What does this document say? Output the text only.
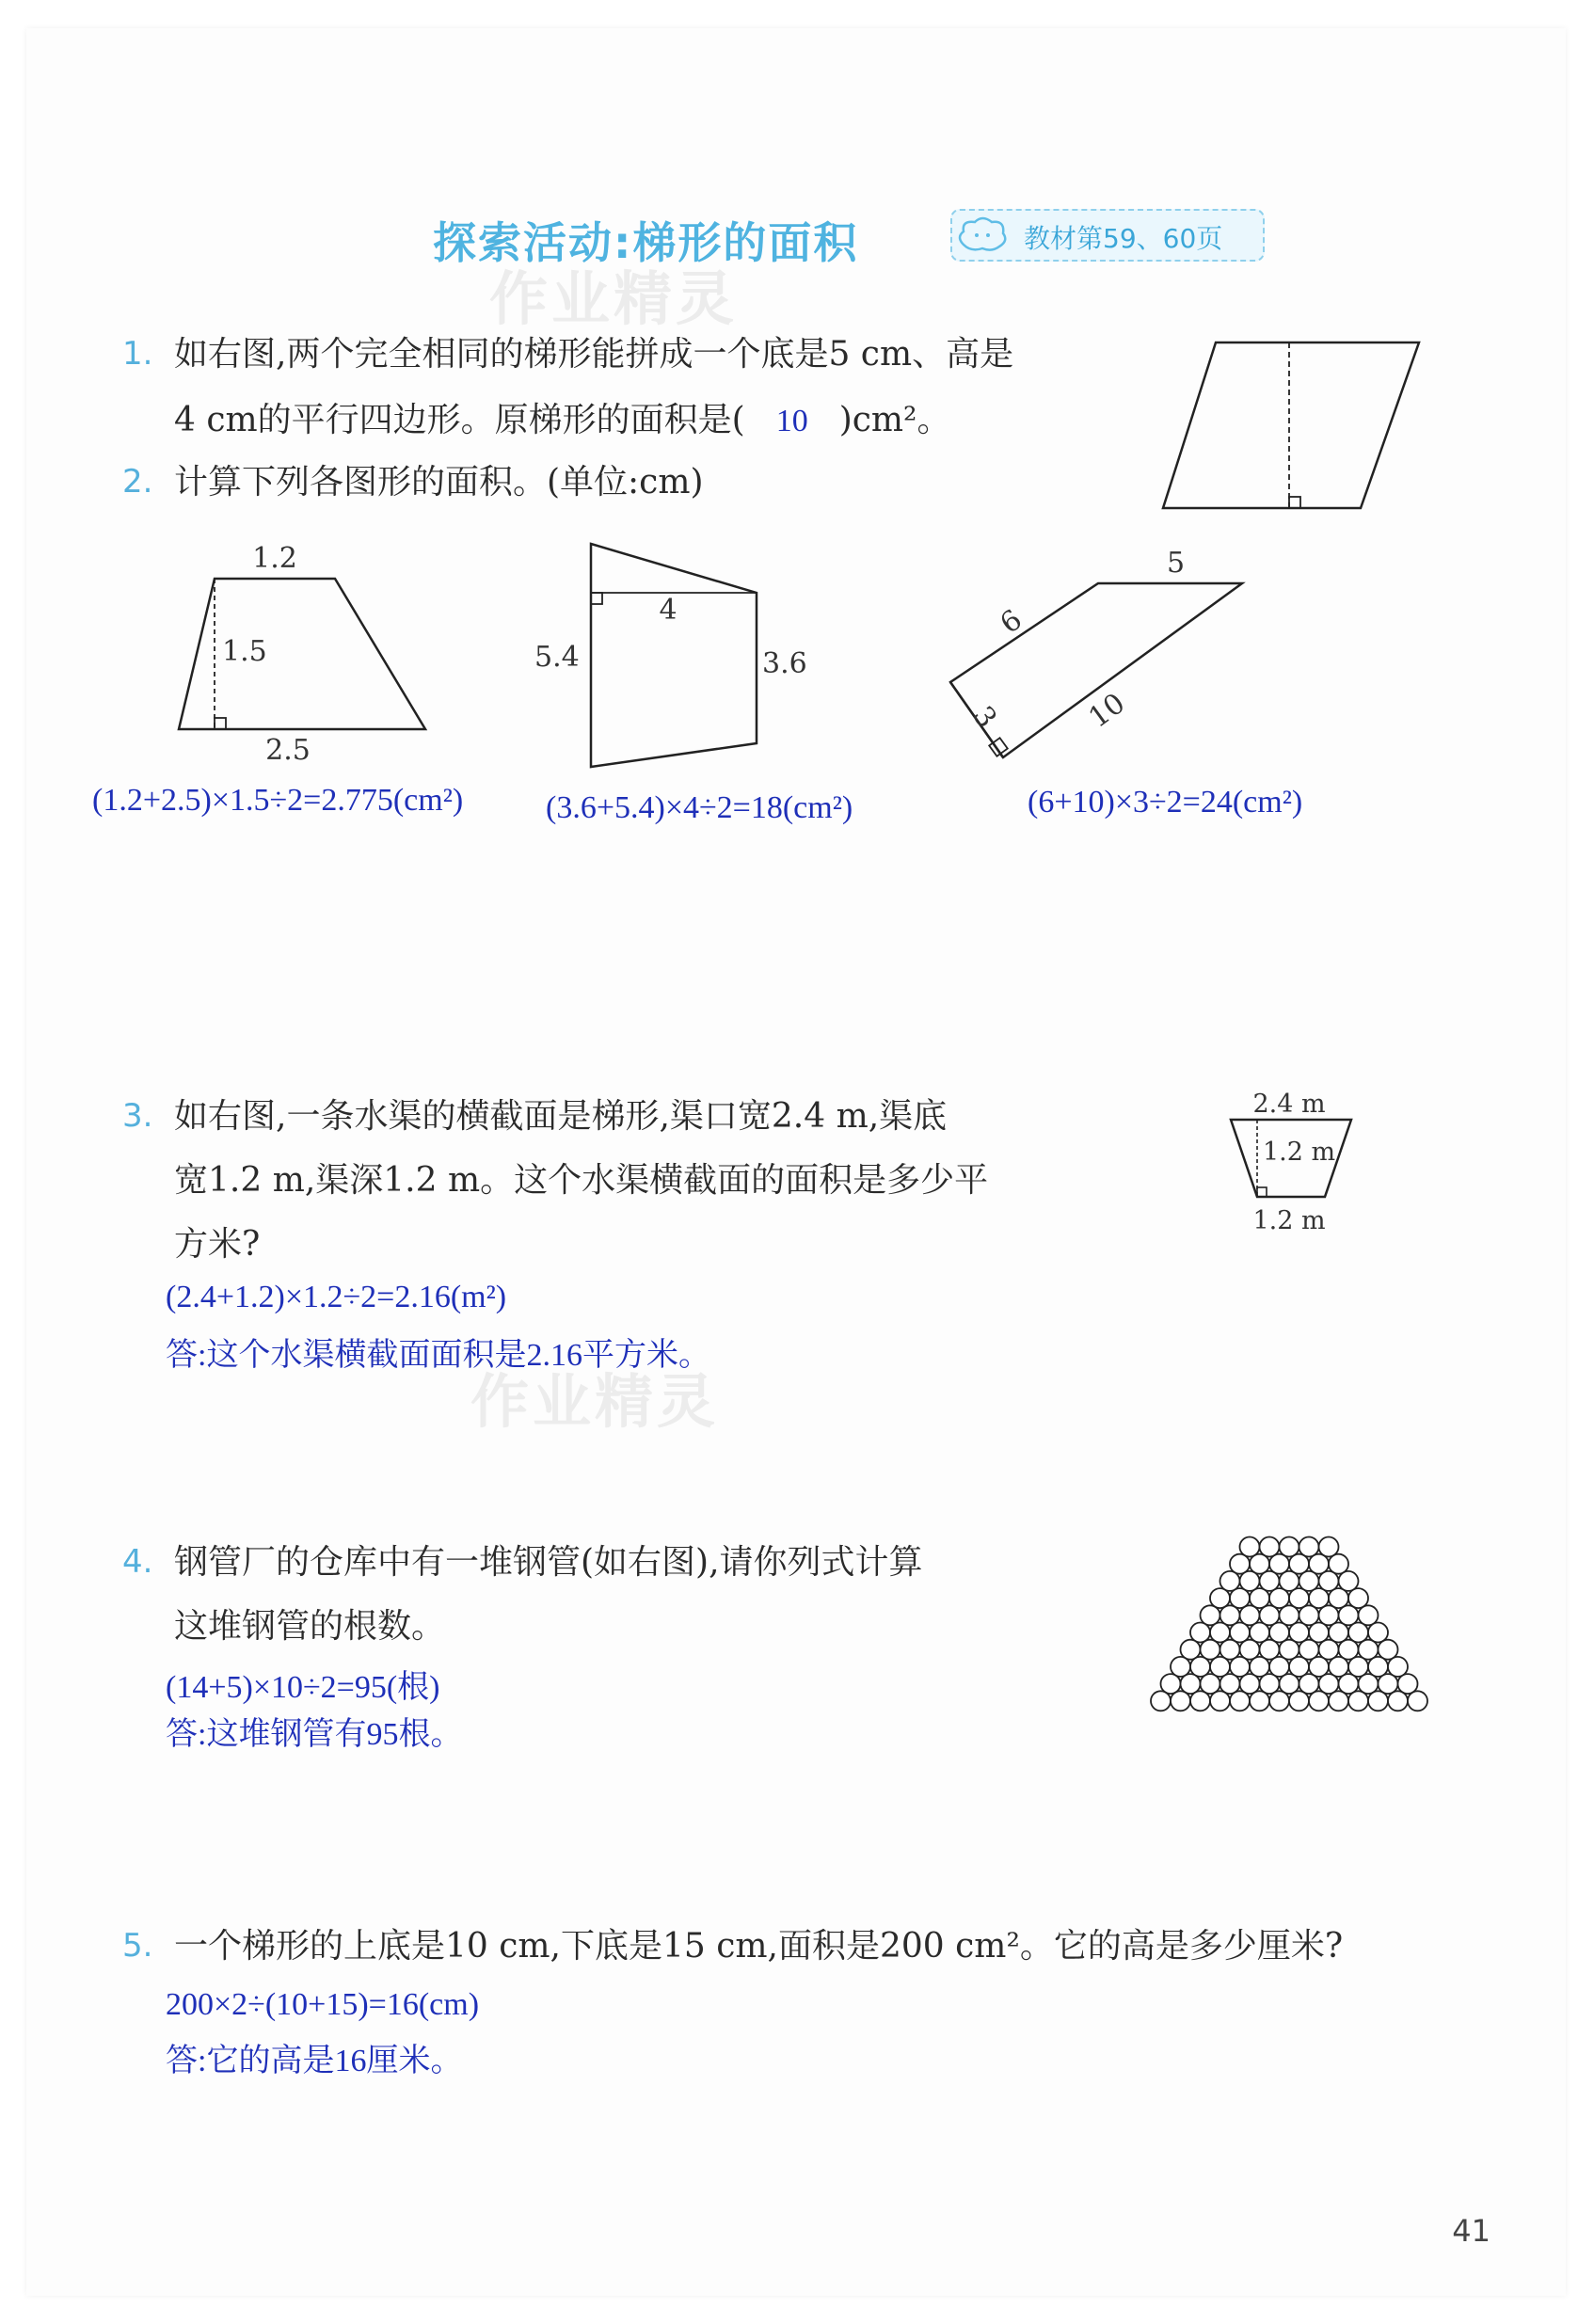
探索活动:梯形的面积	教材第59、60页
作业精灵
1. 如右图,两个完全相同的梯形能拼成一个底是5 cm、高是
4 cm的平行四边形。原梯形的面积是( 10 )cm²。
2. 计算下列各图形的面积。(单位:cm)
1.2
1.5
2.5
5.4
4
3.6
5
6
3	10
(1.2+2.5)×1.5÷2=2.775(cm²)	(3.6+5.4)×4÷2=18(cm²)	(6+10)×3÷2=24(cm²)
3. 如右图,一条水渠的横截面是梯形,渠口宽2.4 m,渠底
宽1.2 m,渠深1.2 m。这个水渠横截面的面积是多少平
方米?
2.4 m
1.2 m
1.2 m
(2.4+1.2)×1.2÷2=2.16(m²)
答:这个水渠横截面面积是2.16平方米。
作业精灵
4. 钢管厂的仓库中有一堆钢管(如右图),请你列式计算
这堆钢管的根数。
(14+5)×10÷2=95(根)
答:这堆钢管有95根。
5. 一个梯形的上底是10 cm,下底是15 cm,面积是200 cm²。它的高是多少厘米?
200×2÷(10+15)=16(cm)
答:它的高是16厘米。
41
